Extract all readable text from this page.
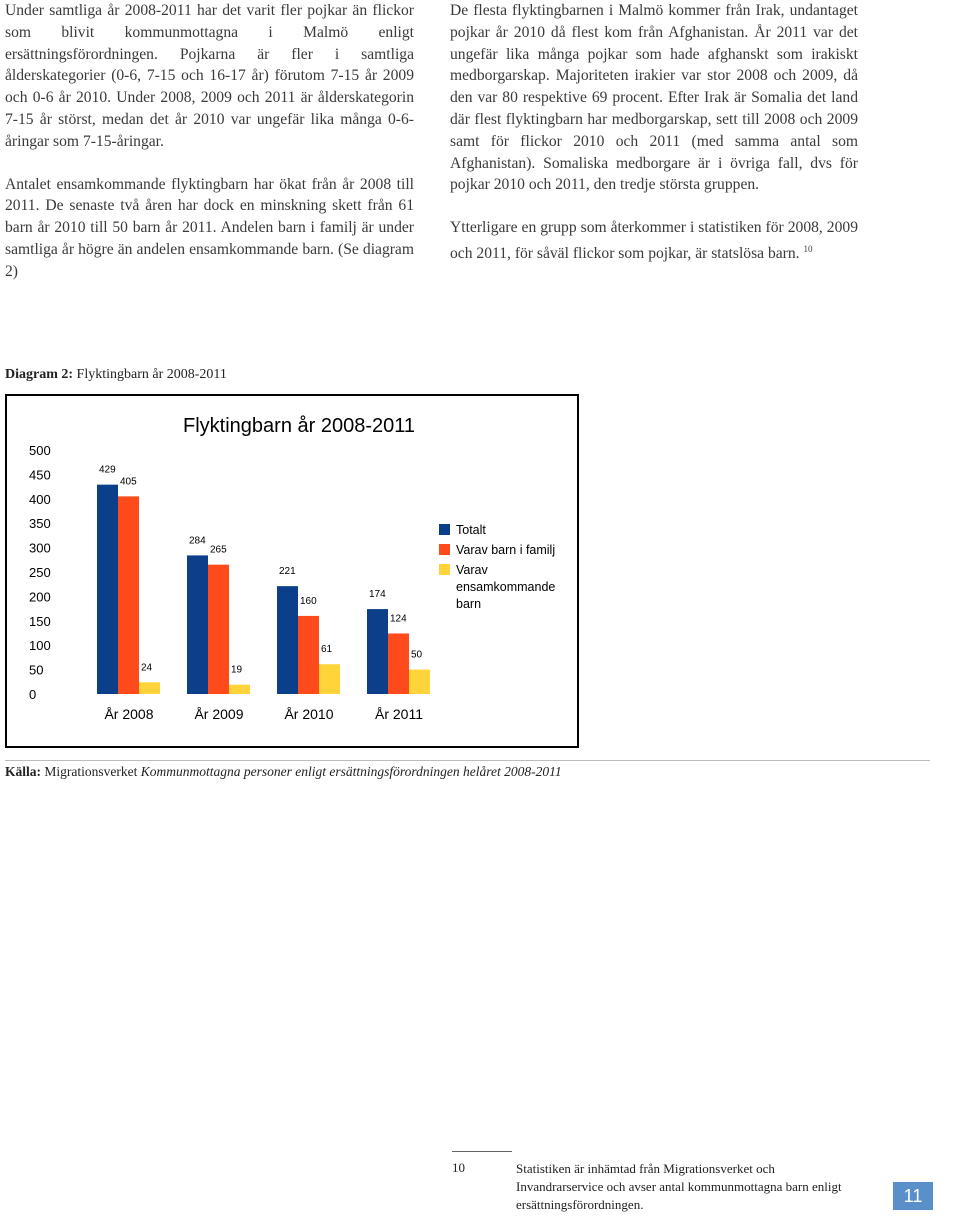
Under samtliga år 2008-2011 har det varit fler pojkar än flickor som blivit kommunmottagna i Malmö enligt ersättningsförordningen. Pojkarna är fler i samtliga ålderskategorier (0-6, 7-15 och 16-17 år) förutom 7-15 år 2009 och 0-6 år 2010. Under 2008, 2009 och 2011 är ålderskategorin 7-15 år störst, medan det år 2010 var ungefär lika många 0-6-åringar som 7-15-åringar.

Antalet ensamkommande flyktingbarn har ökat från år 2008 till 2011. De senaste två åren har dock en minskning skett från 61 barn år 2010 till 50 barn år 2011. Andelen barn i familj är under samtliga år högre än andelen ensamkommande barn. (Se diagram 2)

De flesta flyktingbarnen i Malmö kommer från Irak, undantaget pojkar år 2010 då flest kom från Afghanistan. År 2011 var det ungefär lika många pojkar som hade afghanskt som irakiskt medborgarskap. Majoriteten irakier var stor 2008 och 2009, då den var 80 respektive 69 procent. Efter Irak är Somalia det land där flest flyktingbarn har medborgarskap, sett till 2008 och 2009 samt för flickor 2010 och 2011 (med samma antal som Afghanistan). Somaliska medborgare är i övriga fall, dvs för pojkar 2010 och 2011, den tredje största gruppen.

Ytterligare en grupp som återkommer i statistiken för 2008, 2009 och 2011, för såväl flickor som pojkar, är statslösa barn. $^{10}$

Diagram 2: Flyktingbarn år 2008-2011
Flyktingbarn år 2008-2011
0
50
100
150
200
250
300
350
400
450
500
429
405
24
År 2008
284
265
19
År 2009
221
160
61
År 2010
174
124
50
År 2011
Totalt
Varav barn i familj
Varav ensamkommande barn
Källa: Migrationsverket Kommunmottagna personer enligt ersättningsförordningen helåret 2008-2011
10	Statistiken är inhämtad från Migrationsverket och Invandrarservice och avser antal kommunmottagna barn enligt ersättningsförordningen.	11
